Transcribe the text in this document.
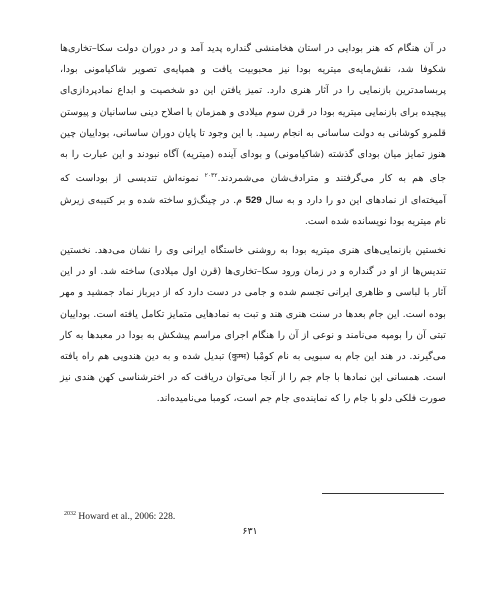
در آن هنگام که هنر بودایی در استان هخامنشی گنداره پدید آمد و در دوران دولت سکا–تخاری‌ها شکوفا شد، نقش‌مایه‌ی میتریه بودا نیز محبوبیت یافت و همپایه‌ی تصویر شاکیامونی بودا، پربسامدترین بازنمایی را در آثار هنری دارد. تمیز یافتن این دو شخصیت و ابداع نمادپردازی‌ای پیچیده برای بازنمایی میتریه بودا در قرن سوم میلادی و همزمان با اصلاح دینی ساسانیان و پیوستن قلمرو کوشانی به دولت ساسانی به انجام رسید. با این وجود تا پایان دوران ساسانی، بوداییان چین هنوز تمایز میان بودای گذشته (شاکیامونی) و بودای آینده (میتریه) آگاه نبودند و این عبارت را به جای هم به کار می‌گرفتند و مترادف‌شان می‌شمردند.$^{۲۰۳۲}$ نمونه‌اش تندیسی از بوداست که آمیخته‌ای از نمادهای این دو را دارد و به سال 529 م. در چینگ‌ژو ساخته شده و بر کتیبه‌ی زیرش نام میتریه بودا نویسانده شده است.

نخستین بازنمایی‌های هنری میتریه بودا به روشنی خاستگاه ایرانی وی را نشان می‌دهد. نخستین تندیس‌ها از او در گنداره و در زمان ورود سکا–تخاری‌ها (قرن اول میلادی) ساخته شد. او در این آثار با لباسی و ظاهری ایرانی تجسم شده و جامی در دست دارد که از دیرباز نماد جمشید و مهر بوده است. این جام بعدها در سنت هنری هند و تبت به نمادهایی متمایز تکامل یافته است. بوداییان تبتی آن را بومپه می‌نامند و نوعی از آن را هنگام اجرای مراسم پیشکش به بودا در معبدها به کار می‌گیرند. در هند این جام به سبویی به نام کومْبا (कुम्भ) تبدیل شده و به دین هندویی هم راه یافته است. همسانی این نمادها با جام جم را از آنجا می‌توان دریافت که در اخترشناسی کهن هندی نیز صورت فلکی دلو با جام را که نماینده‌ی جام جم است، کومبا می‌نامیده‌اند.

$^{2032}$ Howard et al., 2006: 228.
۶۳۱
